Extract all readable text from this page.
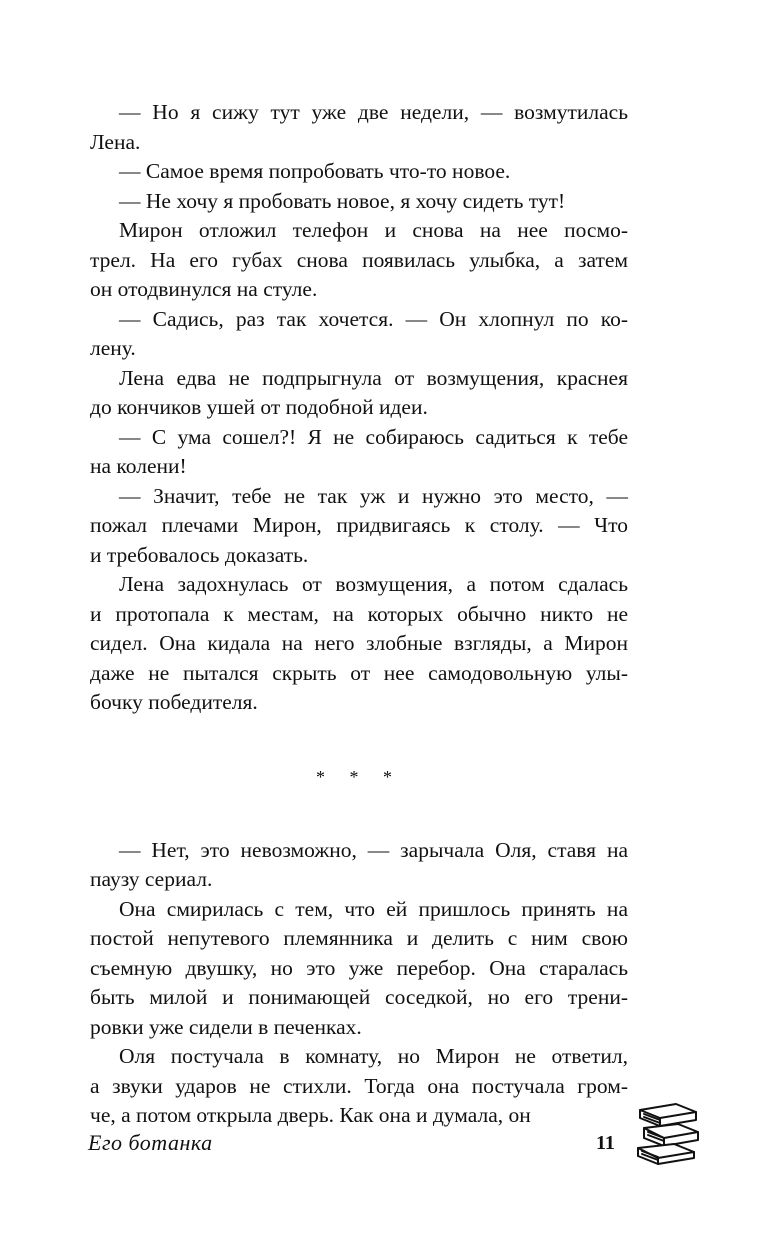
— Но я сижу тут уже две недели, — возмутилась
Лена.

— Самое время попробовать что-то новое.

— Не хочу я пробовать новое, я хочу сидеть тут!

Мирон отложил телефон и снова на нее посмо-
трел. На его губах снова появилась улыбка, а затем
он отодвинулся на стуле.

— Садись, раз так хочется. — Он хлопнул по ко-
лену.

Лена едва не подпрыгнула от возмущения, краснея
до кончиков ушей от подобной идеи.

— С ума сошел?! Я не собираюсь садиться к тебе
на колени!

— Значит, тебе не так уж и нужно это место, —
пожал плечами Мирон, придвигаясь к столу. — Что
и требовалось доказать.

Лена задохнулась от возмущения, а потом сдалась
и протопала к местам, на которых обычно никто не
сидел. Она кидала на него злобные взгляды, а Мирон
даже не пытался скрыть от нее самодовольную улы-
бочку победителя.

* * *

— Нет, это невозможно, — зарычала Оля, ставя на
паузу сериал.

Она смирилась с тем, что ей пришлось принять на
постой непутевого племянника и делить с ним свою
съемную двушку, но это уже перебор. Она старалась
быть милой и понимающей соседкой, но его трени-
ровки уже сидели в печенках.

Оля постучала в комнату, но Мирон не ответил,
а звуки ударов не стихли. Тогда она постучала гром-
че, а потом открыла дверь. Как она и думала, он

Его ботанка	11
